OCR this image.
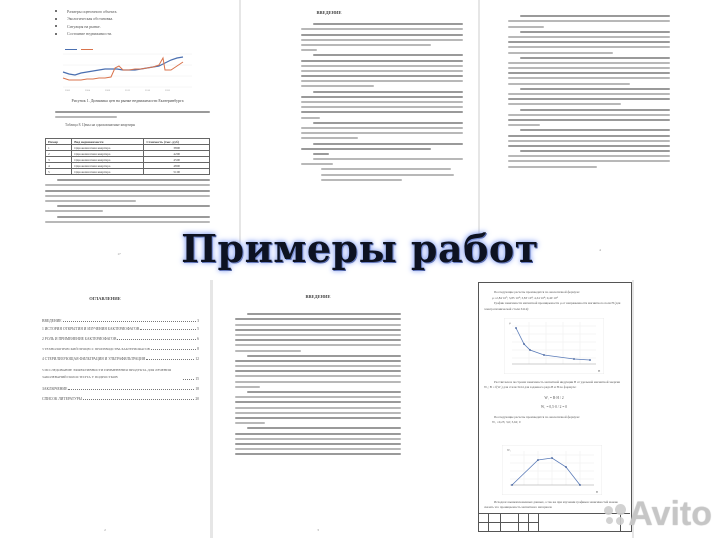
Размеры оценочного объекта.
Экологическая обстановка.
Ситуация на рынке.
Состояние недвижимости.
2000	2004	2008	2012	2016	2020
Рисунок 1. Динамика цен на рынке недвижимости Екатеринбурга
Таблица 8. Цены на однокомнатные квартиры
Номер	Вид недвижимости	Стоимость (тыс. руб)
1	Однокомнатная квартира	3800
2	Однокомнатная квартира	4200
3	Однокомнатная квартира	4500
4	Однокомнатная квартира	4800
5	Однокомнатная квартира	5100
17
ВВЕДЕНИЕ
4
ОГЛАВЛЕНИЕ
ВВЕДЕНИЕ	3
1 ИСТОРИЯ ОТКРЫТИЯ И ИЗУЧЕНИЯ БАКТЕРИОФАГОВ	5
2 РОЛЬ И ПРИМЕНЕНИЕ БАКТЕРИОФАГОВ	6
3 ТЕХНОЛОГИЧЕСКИЙ ПРОЦЕСС ПРОИЗВОДСТВА БАКТЕРИОФАГОВ	8
4 СТЕРИЛИЗУЮЩАЯ ФИЛЬТРАЦИЯ И УЛЬТРАФИЛЬТРАЦИЯ	12
5 ИССЛЕДОВАНИЕ ЭФФЕКТИВНОСТИ ПРИМЕНЕНИЯ ПРОДУКТА ДЛЯ ЛЕЧЕНИЯ ЗАБОЛЕВАНИЙ ПОЛОСТИ РТА У ПОДРОСТКОВ	15
ЗАКЛЮЧЕНИЕ	18
СПИСОК ЛИТЕРАТУРЫ	20
2
ВВЕДЕНИЕ
3
Последующие расчеты производятся по аналогичной формуле:
μ =2,84·10⁵; 3,85·10⁴; 3,83·10⁴; 4,34·10⁴; 0,40·10⁴
График зависимости магнитной проницаемости μ от напряженности магнитного поля H (для электротехнической стали 3414):
μ
H
Рассчитаем и построим зависимость магнитной индукции B от удельной магнитной энергии W₁; B = f(W₁) для стали 3414 для заданного ряда B и H по формуле:
W₁ = B·H / 2
W₁ = 0,5·0 / 2 = 0
Последующие расчеты производятся по аналогичной формуле:
W₁ =0,25; 3,6; 3,62; 0
W₁
B
Исходя из вышеизложенных данных, а так же при изучении графиков зависимостей можно сказать что проницаемость магнитного материала
Примеры работ
Avito
